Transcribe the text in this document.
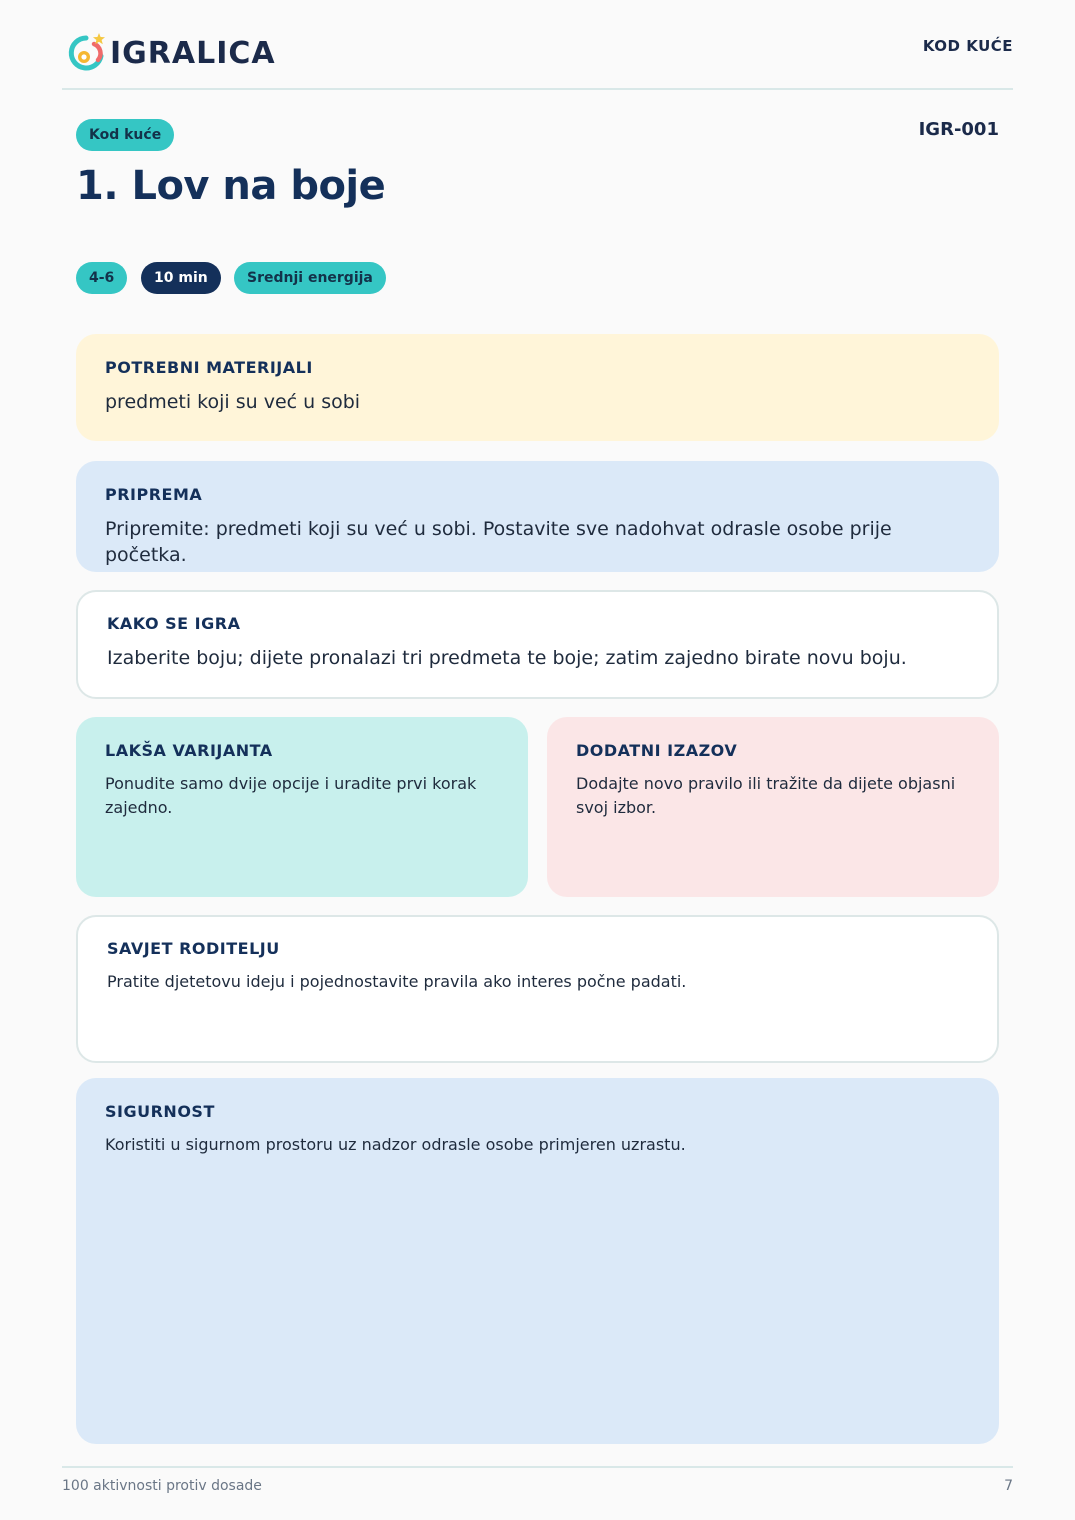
IGRALICA	KOD KUĆE
Kod kuće	IGR-001
1. Lov na boje
4-6	10 min	Srednji energija
POTREBNI MATERIJALI

predmeti koji su već u sobi

PRIPREMA

Pripremite: predmeti koji su već u sobi. Postavite sve nadohvat odrasle osobe prije početka.

KAKO SE IGRA

Izaberite boju; dijete pronalazi tri predmeta te boje; zatim zajedno birate novu boju.

LAKŠA VARIJANTA

Ponudite samo dvije opcije i uradite prvi korak zajedno.

DODATNI IZAZOV

Dodajte novo pravilo ili tražite da dijete objasni svoj izbor.

SAVJET RODITELJU

Pratite djetetovu ideju i pojednostavite pravila ako interes počne padati.

SIGURNOST

Koristiti u sigurnom prostoru uz nadzor odrasle osobe primjeren uzrastu.

100 aktivnosti protiv dosade	7
